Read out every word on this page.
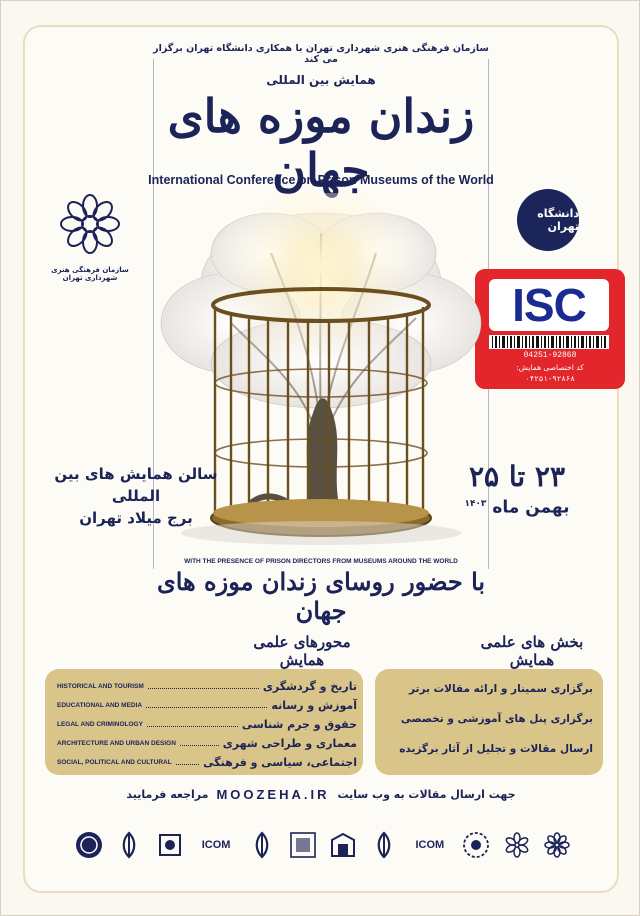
سازمان فرهنگی هنری شهرداری تهران با همکاری دانشگاه تهران برگزار می کند
همایش بین المللی
زندان موزه های جهان
International Conference on Prison Museums of the World
سازمان فرهنگی هنری شهرداری تهران
دانشگاه تهران
ISC
04251-92868
کد اختصاصی همایش:
۰۴۲۵۱-۹۲۸۶۸
سالن همایش های بین المللی
برج میلاد تهران
۲۳ تا ۲۵
بهمن ماه $^{۱۴۰۳}$
WITH THE PRESENCE OF PRISON DIRECTORS FROM MUSEUMS AROUND THE WORLD
با حضور روسای زندان موزه های جهان
محورهای علمی همایش
بخش های علمی همایش
HISTORICAL AND TOURISM	تاریخ و گردشگری
EDUCATIONAL AND MEDIA	آموزش و رسانه
LEGAL AND CRIMINOLOGY	حقوق و جرم شناسی
ARCHITECTURE AND URBAN DESIGN	معماری و طراحی شهری
SOCIAL, POLITICAL AND CULTURAL	اجتماعی، سیاسی و فرهنگی
برگزاری سمینار و ارائه مقالات برتر
برگزاری پنل های آموزشی و تخصصی
ارسال مقالات و تجلیل از آثار برگزیده
جهت ارسال مقالات به وب سایت
MOOZEHA.IR
مراجعه فرمایید
ICOM	ICOM
